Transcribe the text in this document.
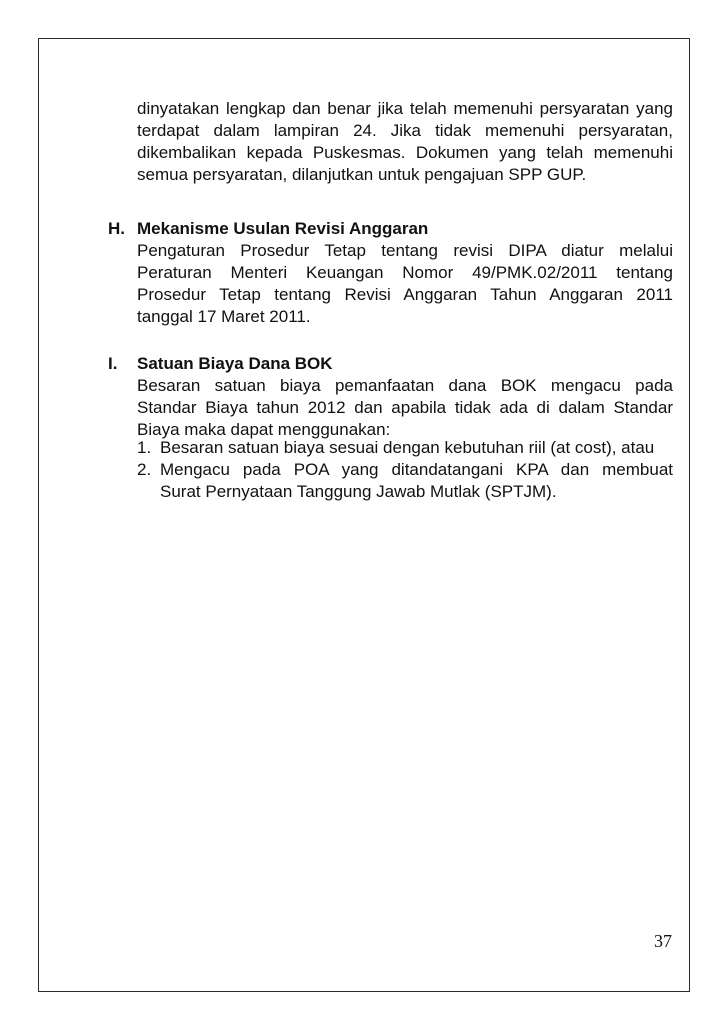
dinyatakan lengkap dan benar jika telah memenuhi persyaratan yang
terdapat dalam lampiran 24. Jika tidak memenuhi persyaratan,
dikembalikan kepada Puskesmas. Dokumen yang telah memenuhi
semua persyaratan, dilanjutkan untuk pengajuan SPP GUP.
H. Mekanisme Usulan Revisi Anggaran
Pengaturan Prosedur Tetap tentang revisi DIPA diatur melalui
Peraturan Menteri Keuangan Nomor 49/PMK.02/2011 tentang
Prosedur Tetap tentang Revisi Anggaran Tahun Anggaran 2011
tanggal 17 Maret 2011.
I. Satuan Biaya Dana BOK
Besaran satuan biaya pemanfaatan dana BOK mengacu pada
Standar Biaya tahun 2012 dan apabila tidak ada di dalam Standar
Biaya maka dapat menggunakan:
1. Besaran satuan biaya sesuai dengan kebutuhan riil (at cost), atau
2. Mengacu pada POA yang ditandatangani KPA dan membuat
Surat Pernyataan Tanggung Jawab Mutlak (SPTJM).
37
